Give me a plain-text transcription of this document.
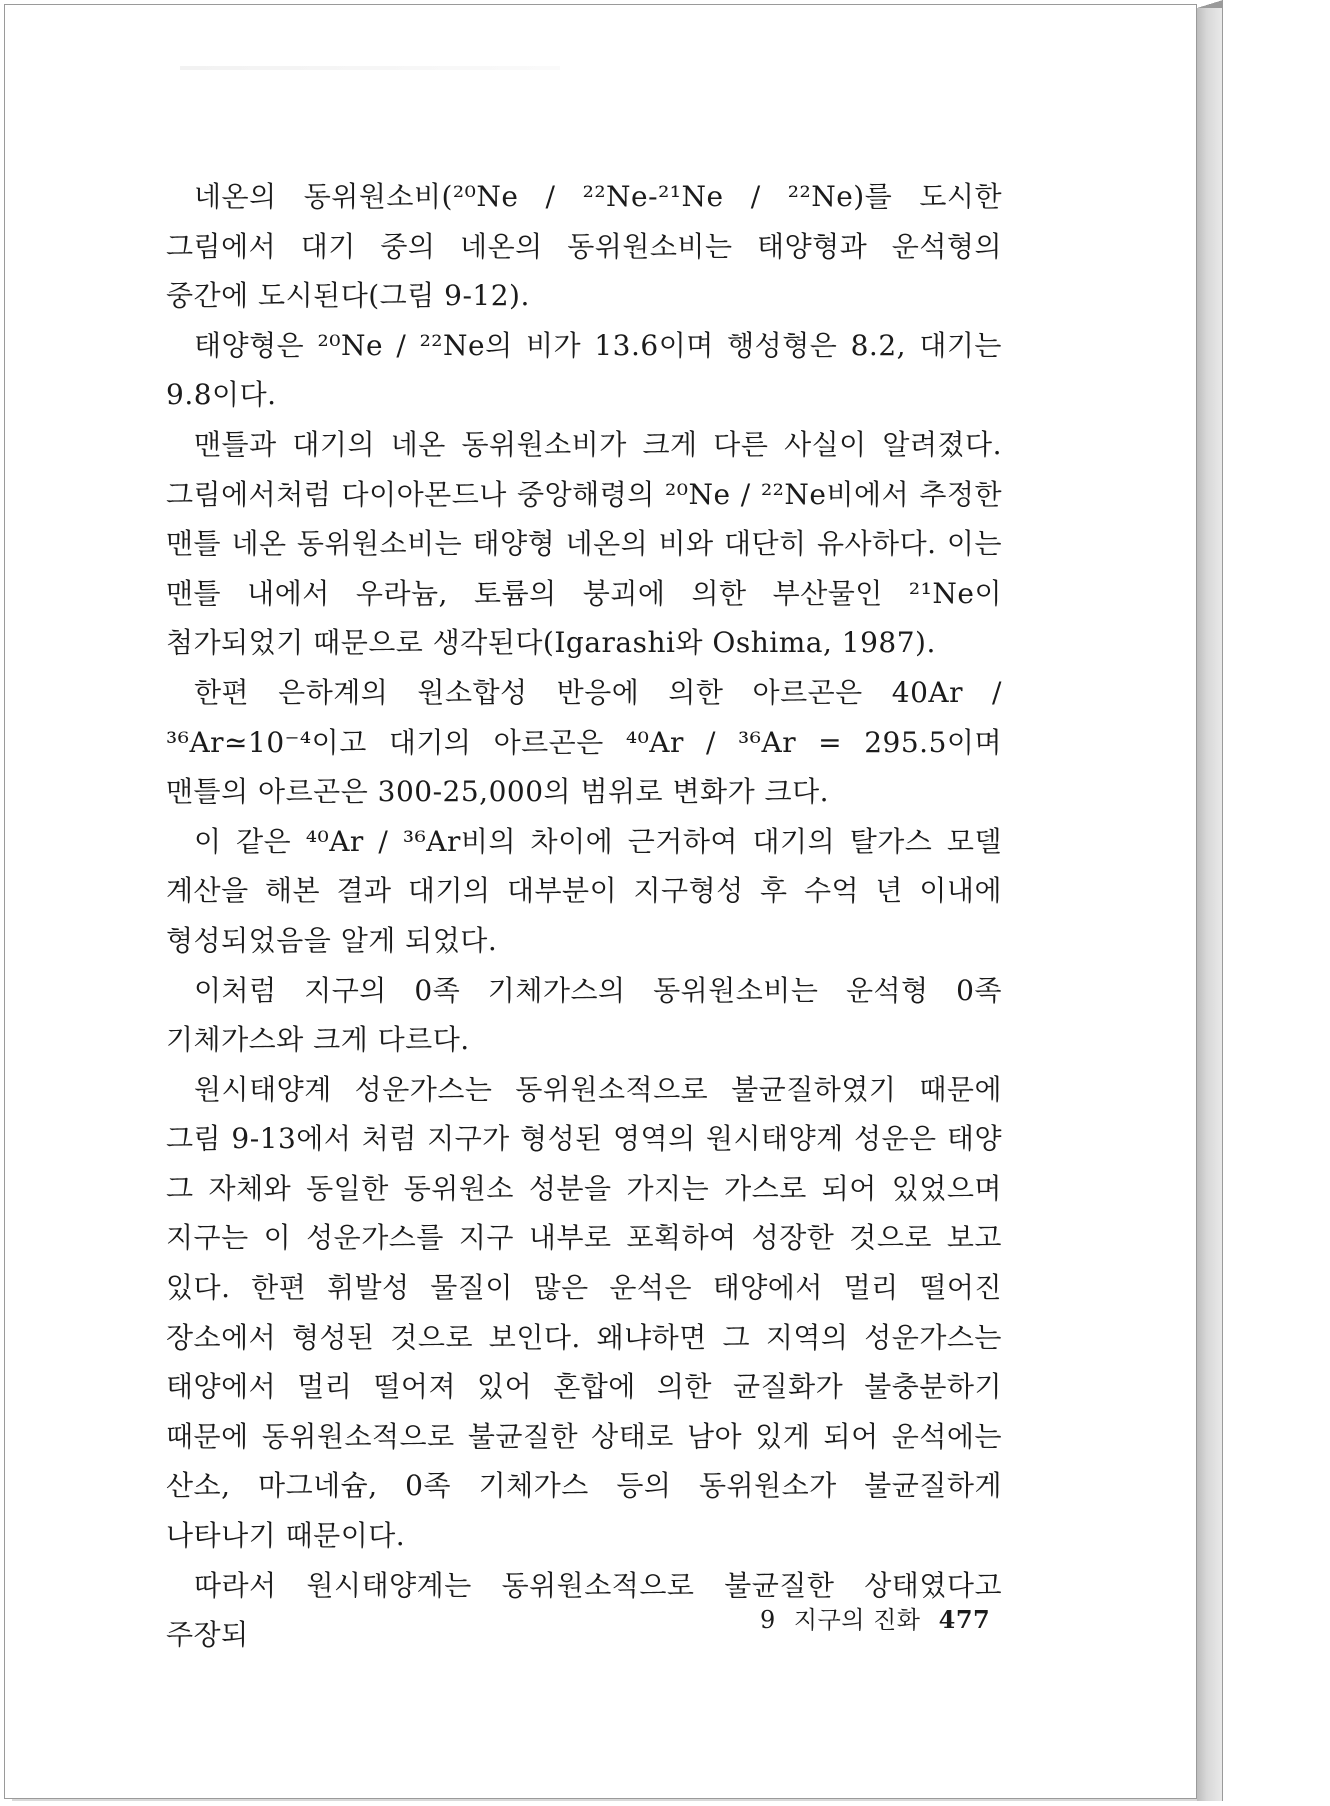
네온의 동위원소비(²⁰Ne / ²²Ne-²¹Ne / ²²Ne)를 도시한 그림에서 대기 중의 네온의 동위원소비는 태양형과 운석형의 중간에 도시된다(그림 9-12).

태양형은 ²⁰Ne / ²²Ne의 비가 13.6이며 행성형은 8.2, 대기는 9.8이다.

맨틀과 대기의 네온 동위원소비가 크게 다른 사실이 알려졌다. 그림에서처럼 다이아몬드나 중앙해령의 ²⁰Ne / ²²Ne비에서 추정한 맨틀 네온 동위원소비는 태양형 네온의 비와 대단히 유사하다. 이는 맨틀 내에서 우라늄, 토륨의 붕괴에 의한 부산물인 ²¹Ne이 첨가되었기 때문으로 생각된다(Igarashi와 Oshima, 1987).

한편 은하계의 원소합성 반응에 의한 아르곤은 40Ar / ³⁶Ar≃10⁻⁴이고 대기의 아르곤은 ⁴⁰Ar / ³⁶Ar = 295.5이며 맨틀의 아르곤은 300-25,000의 범위로 변화가 크다.

이 같은 ⁴⁰Ar / ³⁶Ar비의 차이에 근거하여 대기의 탈가스 모델 계산을 해본 결과 대기의 대부분이 지구형성 후 수억 년 이내에 형성되었음을 알게 되었다.

이처럼 지구의 0족 기체가스의 동위원소비는 운석형 0족 기체가스와 크게 다르다.

원시태양계 성운가스는 동위원소적으로 불균질하였기 때문에 그림 9-13에서 처럼 지구가 형성된 영역의 원시태양계 성운은 태양 그 자체와 동일한 동위원소 성분을 가지는 가스로 되어 있었으며 지구는 이 성운가스를 지구 내부로 포획하여 성장한 것으로 보고 있다. 한편 휘발성 물질이 많은 운석은 태양에서 멀리 떨어진 장소에서 형성된 것으로 보인다. 왜냐하면 그 지역의 성운가스는 태양에서 멀리 떨어져 있어 혼합에 의한 균질화가 불충분하기 때문에 동위원소적으로 불균질한 상태로 남아 있게 되어 운석에는 산소, 마그네슘, 0족 기체가스 등의 동위원소가 불균질하게 나타나기 때문이다.

따라서 원시태양계는 동위원소적으로 불균질한 상태였다고 주장되	9 지구의 진화 477
